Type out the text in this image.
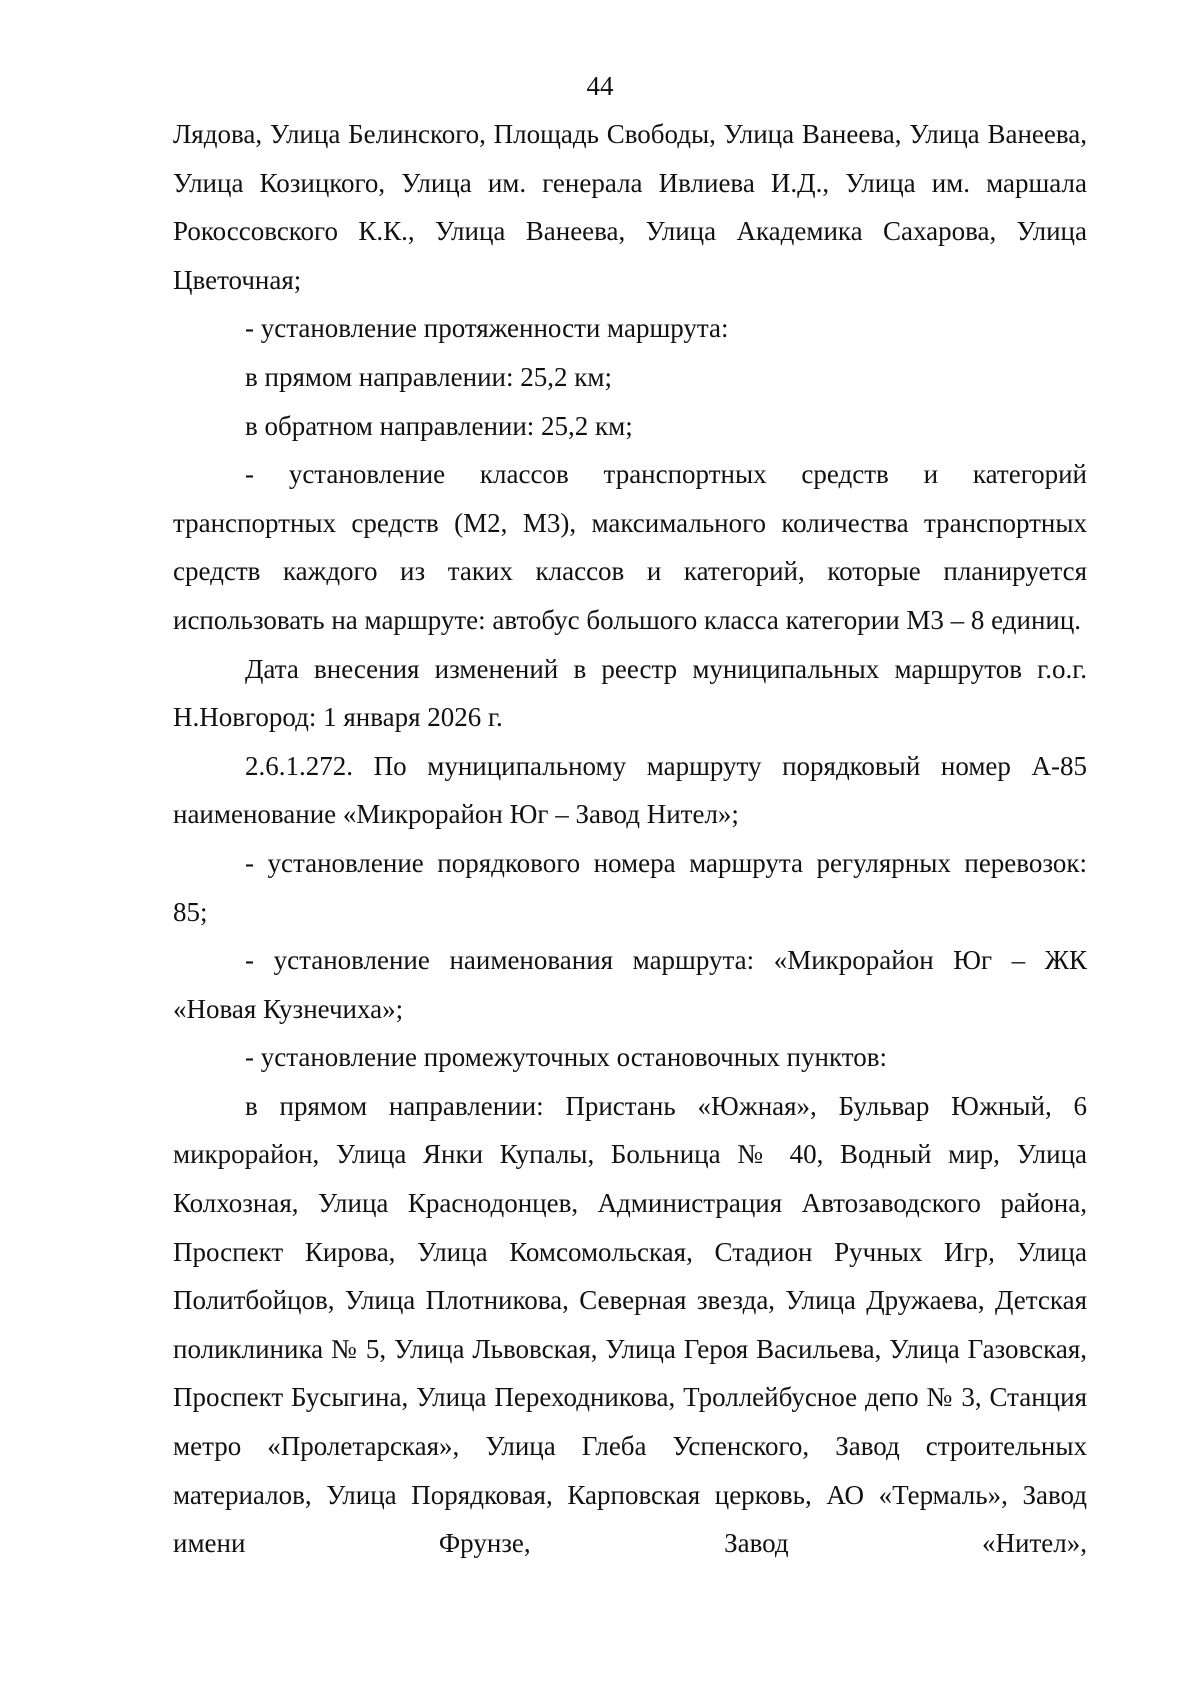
44

Лядова, Улица Белинского, Площадь Свободы, Улица Ванеева, Улица Ванеева, Улица Козицкого, Улица им. генерала Ивлиева И.Д., Улица им. маршала Рокоссовского К.К., Улица Ванеева, Улица Академика Сахарова, Улица Цветочная;

- установление протяженности маршрута:

в прямом направлении: 25,2 км;

в обратном направлении: 25,2 км;

- установление классов транспортных средств и категорий транспортных средств (М2, М3), максимального количества транспортных средств каждого из таких классов и категорий, которые планируется использовать на маршруте: автобус большого класса категории М3 – 8 единиц.

Дата внесения изменений в реестр муниципальных маршрутов г.о.г. Н.Новгород: 1 января 2026 г.

2.6.1.272. По муниципальному маршруту порядковый номер А-85 наименование «Микрорайон Юг – Завод Нител»;

- установление порядкового номера маршрута регулярных перевозок: 85;

- установление наименования маршрута: «Микрорайон Юг – ЖК «Новая Кузнечиха»;

- установление промежуточных остановочных пунктов:

в прямом направлении: Пристань «Южная», Бульвар Южный, 6 микрорайон, Улица Янки Купалы, Больница № 40, Водный мир, Улица Колхозная, Улица Краснодонцев, Администрация Автозаводского района, Проспект Кирова, Улица Комсомольская, Стадион Ручных Игр, Улица Политбойцов, Улица Плотникова, Северная звезда, Улица Дружаева, Детская поликлиника № 5, Улица Львовская, Улица Героя Васильева, Улица Газовская, Проспект Бусыгина, Улица Переходникова, Троллейбусное депо № 3, Станция метро «Пролетарская», Улица Глеба Успенского, Завод строительных материалов, Улица Порядковая, Карповская церковь, АО «Термаль», Завод имени Фрунзе, Завод «Нител»,
